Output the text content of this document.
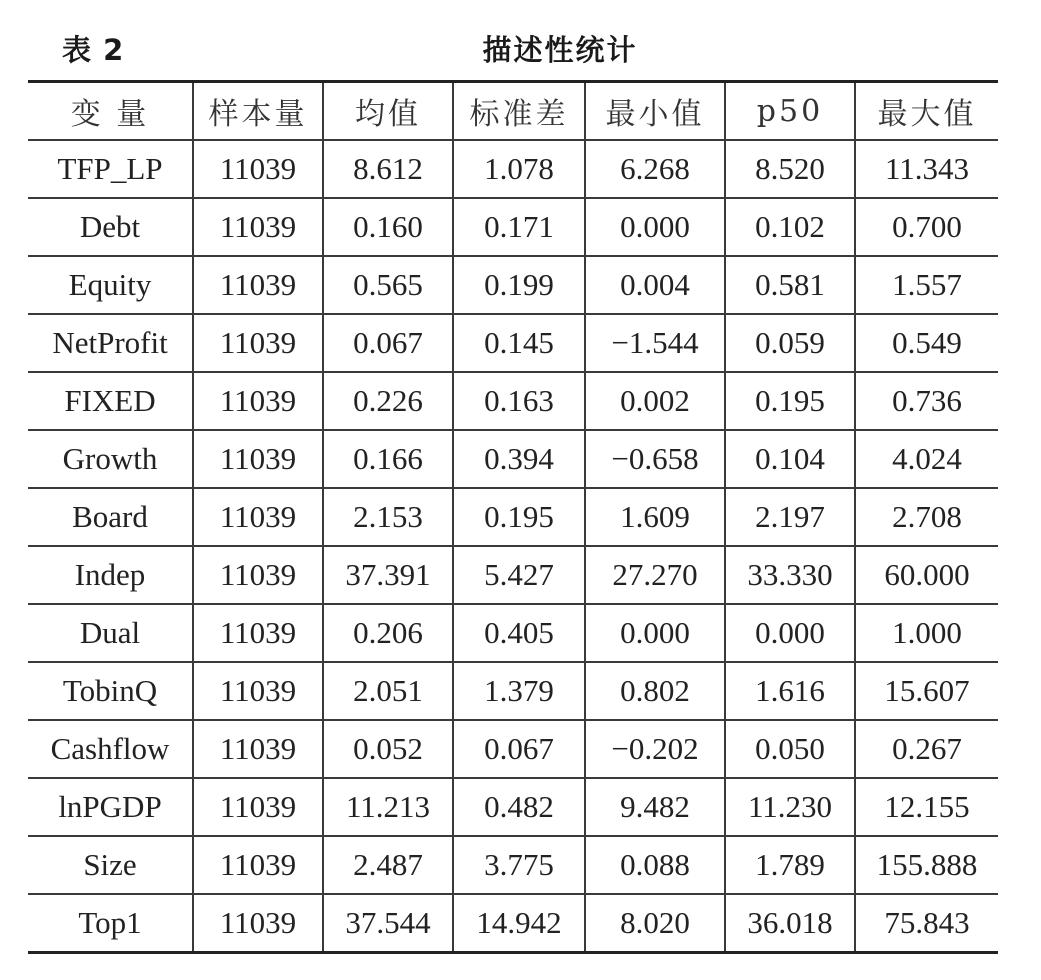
表 2	描述性统计
变 量	样本量	均值	标准差	最小值	p50	最大值
TFP_LP	11039	8.612	1.078	6.268	8.520	11.343
Debt	11039	0.160	0.171	0.000	0.102	0.700
Equity	11039	0.565	0.199	0.004	0.581	1.557
NetProfit	11039	0.067	0.145	−1.544	0.059	0.549
FIXED	11039	0.226	0.163	0.002	0.195	0.736
Growth	11039	0.166	0.394	−0.658	0.104	4.024
Board	11039	2.153	0.195	1.609	2.197	2.708
Indep	11039	37.391	5.427	27.270	33.330	60.000
Dual	11039	0.206	0.405	0.000	0.000	1.000
TobinQ	11039	2.051	1.379	0.802	1.616	15.607
Cashflow	11039	0.052	0.067	−0.202	0.050	0.267
lnPGDP	11039	11.213	0.482	9.482	11.230	12.155
Size	11039	2.487	3.775	0.088	1.789	155.888
Top1	11039	37.544	14.942	8.020	36.018	75.843
